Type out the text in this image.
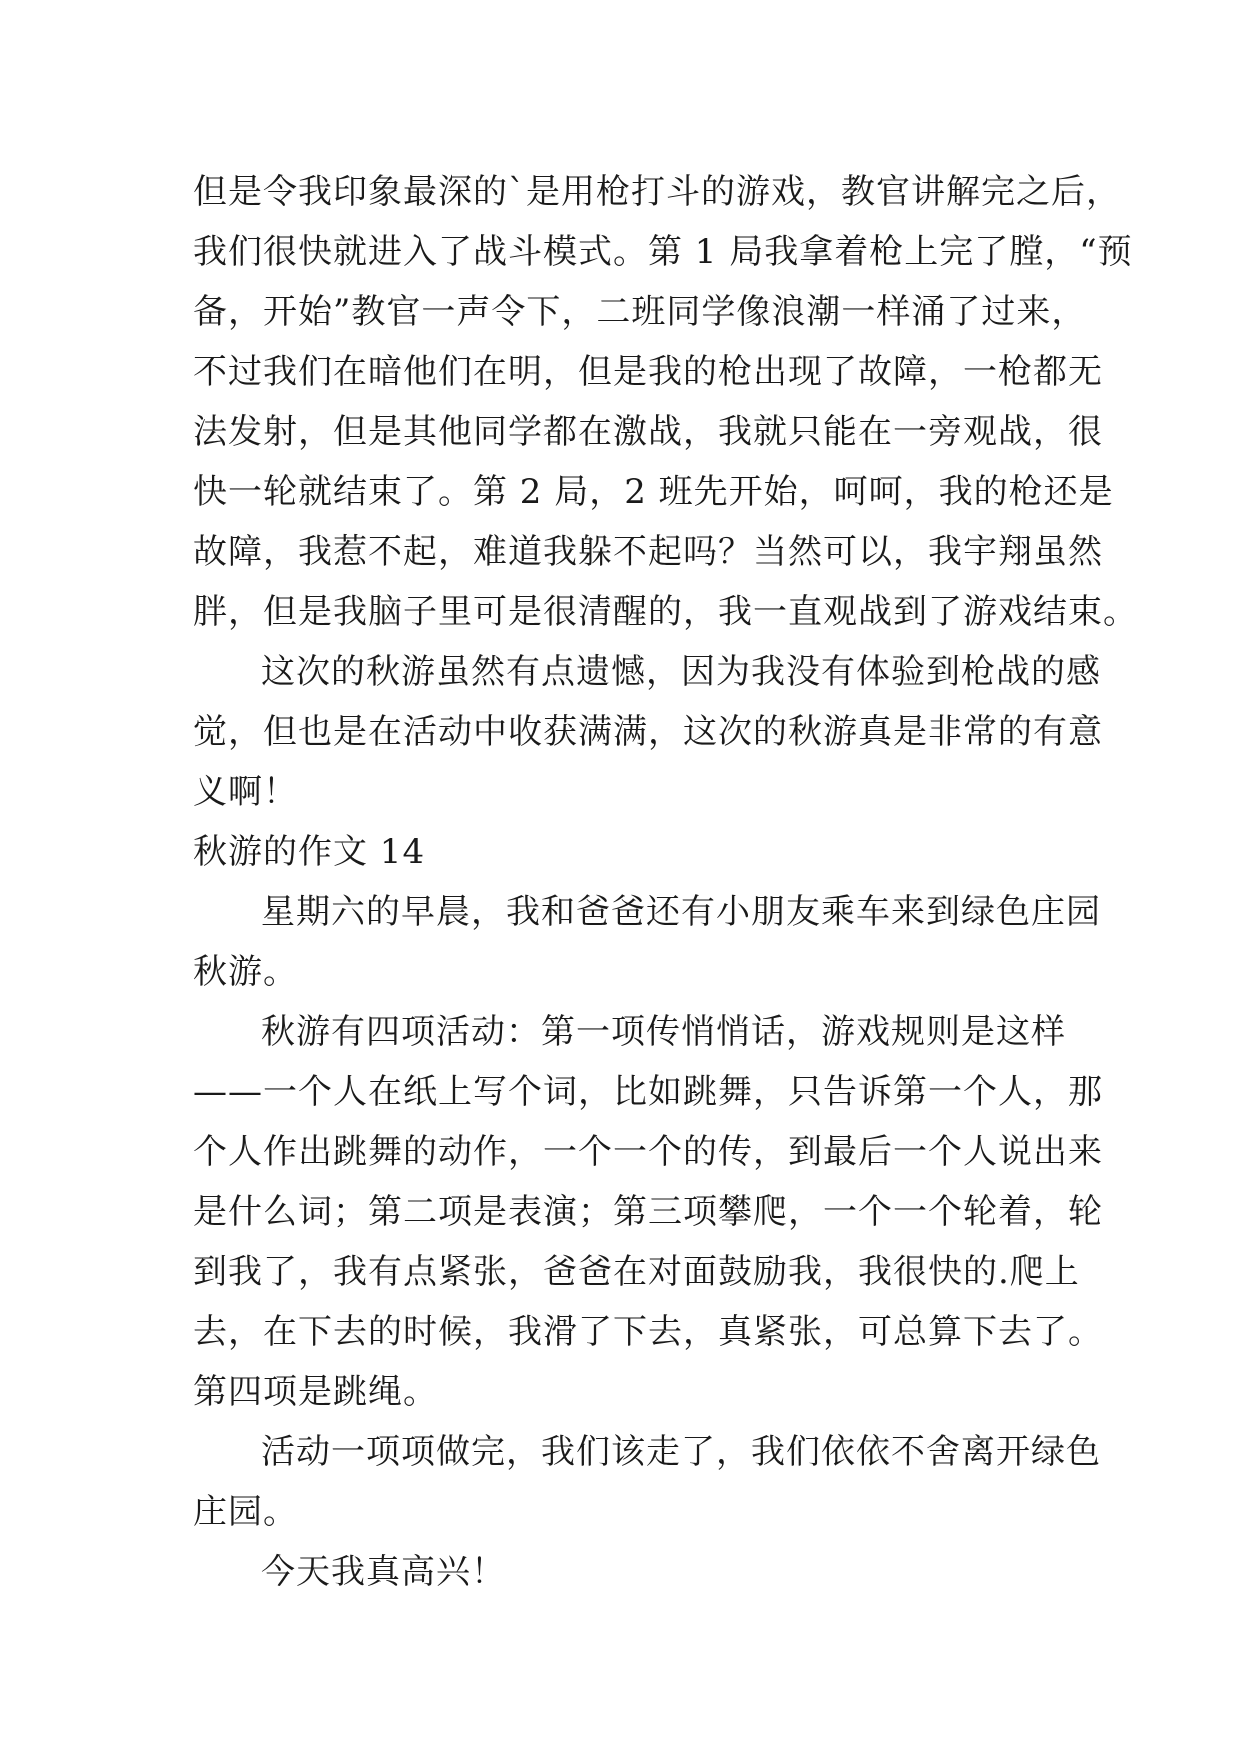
但是令我印象最深的`是用枪打斗的游戏，教官讲解完之后，
我们很快就进入了战斗模式。第 1 局我拿着枪上完了膛，“预
备，开始”教官一声令下，二班同学像浪潮一样涌了过来，
不过我们在暗他们在明，但是我的枪出现了故障，一枪都无
法发射，但是其他同学都在激战，我就只能在一旁观战，很
快一轮就结束了。第 2 局，2 班先开始，呵呵，我的枪还是
故障，我惹不起，难道我躲不起吗？当然可以，我宇翔虽然
胖，但是我脑子里可是很清醒的，我一直观战到了游戏结束。
这次的秋游虽然有点遗憾，因为我没有体验到枪战的感
觉，但也是在活动中收获满满，这次的秋游真是非常的有意
义啊！
秋游的作文 14
星期六的早晨，我和爸爸还有小朋友乘车来到绿色庄园
秋游。
秋游有四项活动：第一项传悄悄话，游戏规则是这样
——一个人在纸上写个词，比如跳舞，只告诉第一个人，那
个人作出跳舞的动作，一个一个的传，到最后一个人说出来
是什么词；第二项是表演；第三项攀爬，一个一个轮着，轮
到我了，我有点紧张，爸爸在对面鼓励我，我很快的.爬上
去，在下去的时候，我滑了下去，真紧张，可总算下去了。
第四项是跳绳。
活动一项项做完，我们该走了，我们依依不舍离开绿色
庄园。
今天我真高兴！
